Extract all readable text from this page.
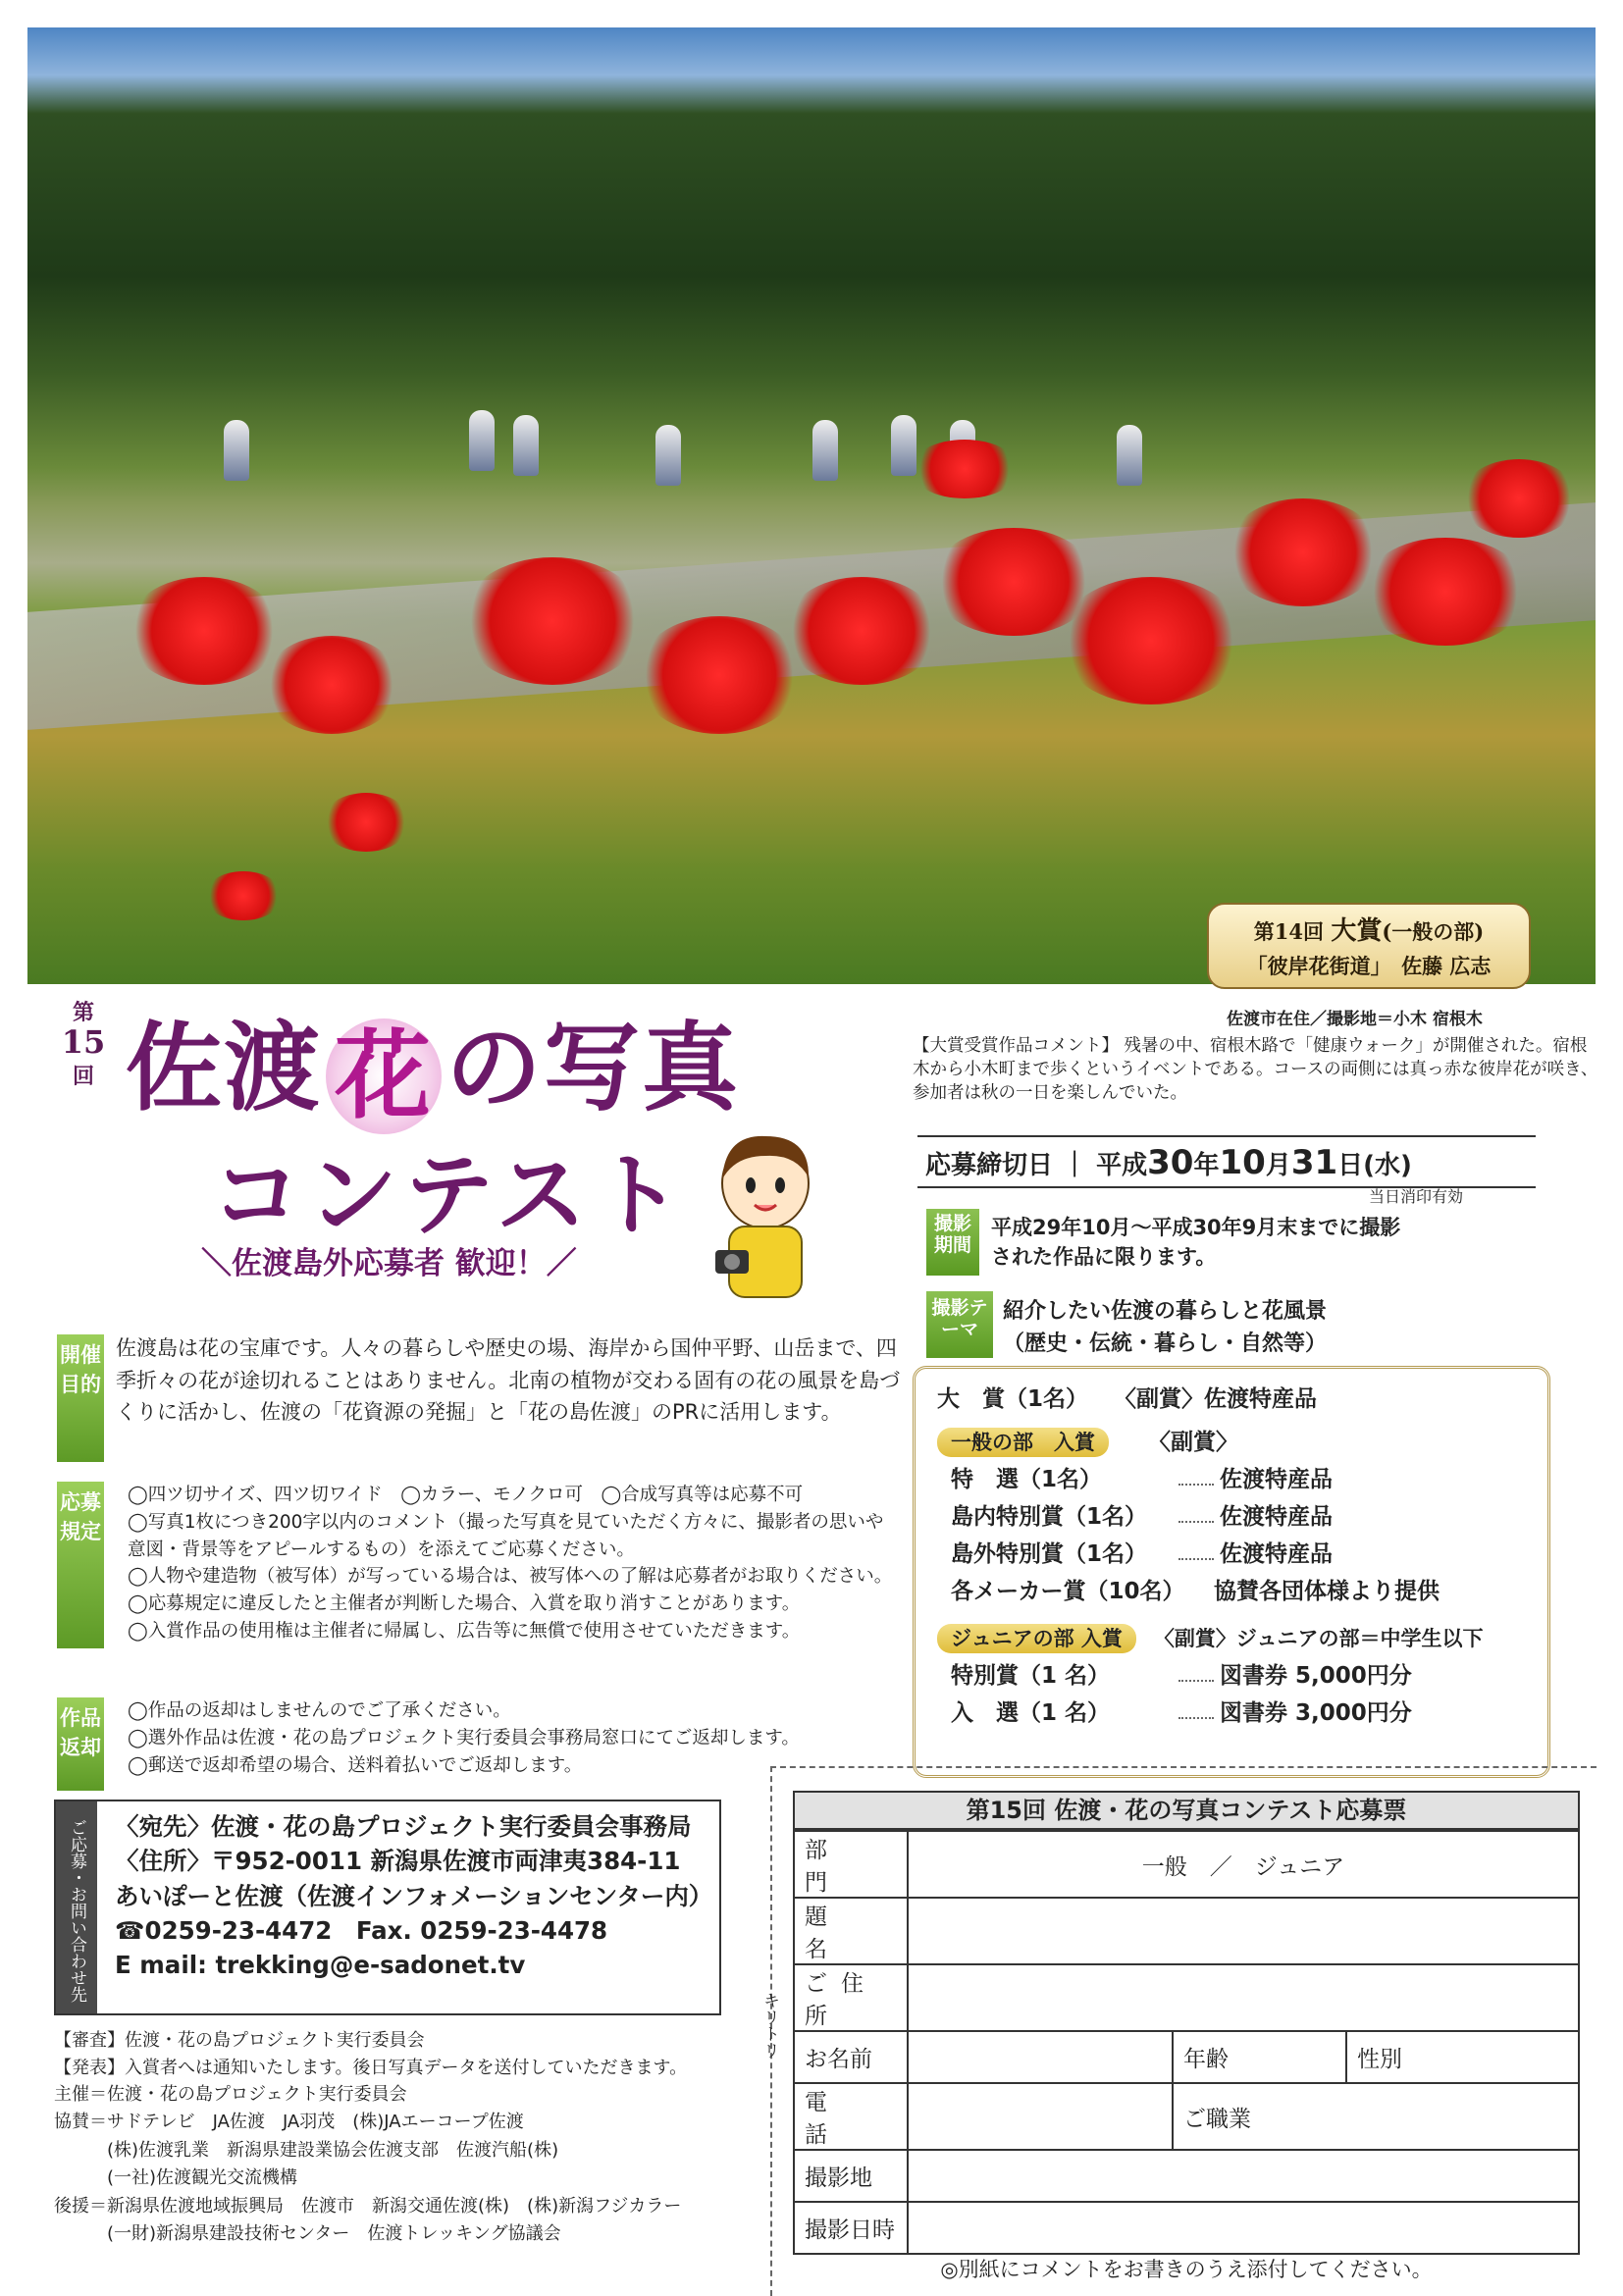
第14回 大賞(一般の部)
「彼岸花街道」　佐藤 広志
佐渡市在住／撮影地＝小木 宿根木
【大賞受賞作品コメント】 残暑の中、宿根木路で「健康ウォーク」が開催された。宿根木から小木町まで歩くというイベントである。コースの両側には真っ赤な彼岸花が咲き、参加者は秋の一日を楽しんでいた。
第
15
回 佐渡 花 の写真
コンテスト
＼佐渡島外応募者 歓迎！／
応募締切日 ｜ 平成30年10月31日(水)
当日消印有効
撮影期間
平成29年10月～平成30年9月末までに撮影
された作品に限ります。
撮影テーマ
紹介したい佐渡の暮らしと花風景
（歴史・伝統・暮らし・自然等）
大　賞（1名） 〈副賞〉佐渡特産品
一般の部　入賞 〈副賞〉
特　選（1名）	佐渡特産品
島内特別賞（1名）	佐渡特産品
島外特別賞（1名）	佐渡特産品
各メーカー賞（10名） 協賛各団体様より提供
ジュニアの部 入賞 〈副賞〉ジュニアの部＝中学生以下
特別賞（1 名）	図書券 5,000円分
入　選（1 名）	図書券 3,000円分
開催目的
佐渡島は花の宝庫です。人々の暮らしや歴史の場、海岸から国仲平野、山岳まで、四季折々の花が途切れることはありません。北南の植物が交わる固有の花の風景を島づくりに活かし、佐渡の「花資源の発掘」と「花の島佐渡」のPRに活用します。
応募規定
◯四ツ切サイズ、四ツ切ワイド　◯カラー、モノクロ可　◯合成写真等は応募不可
◯写真1枚につき200字以内のコメント（撮った写真を見ていただく方々に、撮影者の思いや意図・背景等をアピールするもの）を添えてご応募ください。
◯人物や建造物（被写体）が写っている場合は、被写体への了解は応募者がお取りください。
◯応募規定に違反したと主催者が判断した場合、入賞を取り消すことがあります。
◯入賞作品の使用権は主催者に帰属し、広告等に無償で使用させていただきます。
作品返却
◯作品の返却はしませんのでご了承ください。
◯選外作品は佐渡・花の島プロジェクト実行委員会事務局窓口にてご返却します。
◯郵送で返却希望の場合、送料着払いでご返却します。
ご応募・お問い合わせ先	〈宛先〉佐渡・花の島プロジェクト実行委員会事務局
〈住所〉〒952-0011 新潟県佐渡市両津夷384-11
あいぽーと佐渡（佐渡インフォメーションセンター内）
☎0259-23-4472　Fax. 0259-23-4478
E mail: trekking@e-sadonet.tv
【審査】佐渡・花の島プロジェクト実行委員会
【発表】入賞者へは通知いたします。後日写真データを送付していただきます。
主催＝佐渡・花の島プロジェクト実行委員会
協賛＝サドテレビ　JA佐渡　JA羽茂　(株)JAエーコープ佐渡
　　　(株)佐渡乳業　新潟県建設業協会佐渡支部　佐渡汽船(株)
　　　(一社)佐渡観光交流機構
後援＝新潟県佐渡地域振興局　佐渡市　新潟交通佐渡(株)　(株)新潟フジカラー
　　　(一財)新潟県建設技術センター　佐渡トレッキング協議会
キリトリ
第15回 佐渡・花の写真コンテスト応募票
部　門	一般　／　ジュニア			
題　名				
ご住所				
お名前		年齢		性別
電　話		ご職業		
撮影地				
撮影日時				
◎別紙にコメントをお書きのうえ添付してください。
